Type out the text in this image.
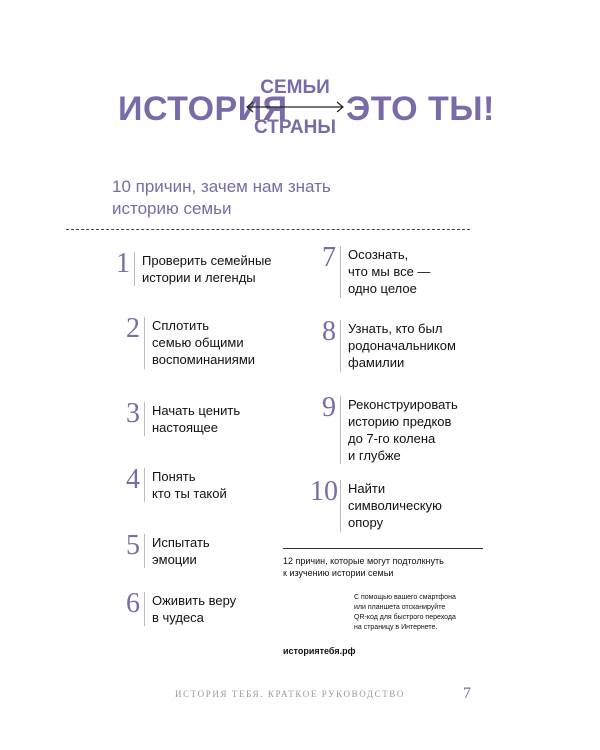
ИСТОРИЯ
СЕМЬИ
СТРАНЫ ЭТО ТЫ!
10 причин, зачем нам знать
историю семьи
1 Проверить семейные
истории и легенды
2 Сплотить
семью общими
воспоминаниями
3 Начать ценить
настоящее
4 Понять
кто ты такой
5 Испытать
эмоции
6 Оживить веру
в чудеса
7 Осознать,
что мы все —
одно целое
8 Узнать, кто был
родоначальником
фамилии
9 Реконструировать
историю предков
до 7-го колена
и глубже
10 Найти
символическую
опору
12 причин, которые могут подтолкнуть
к изучению истории семьи
С помощью вашего смартфона
или планшета отсканируйте
QR-код для быстрого перехода
на страницу в Интернете.
историятебя.рф
ИСТОРИЯ ТЕБЯ. КРАТКОЕ РУКОВОДСТВО	7
